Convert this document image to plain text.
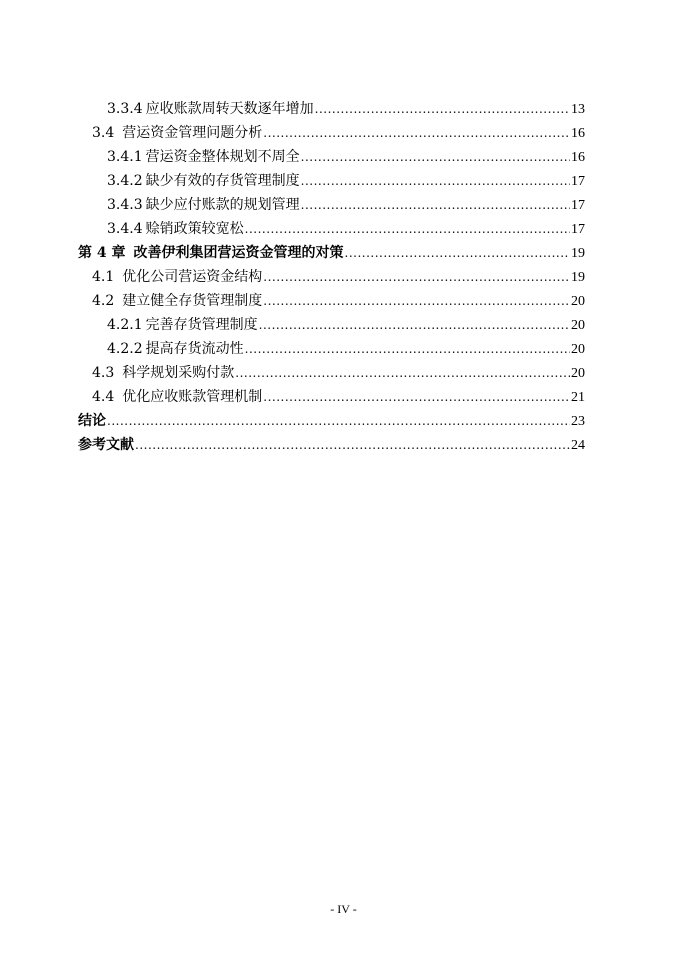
3.3.4 应收账款周转天数逐年增加 .....	13
3.4 营运资金管理问题分析 .....	16
3.4.1 营运资金整体规划不周全 .....	16
3.4.2 缺少有效的存货管理制度 .....	17
3.4.3 缺少应付账款的规划管理 .....	17
3.4.4 赊销政策较宽松 .....	17
第 4 章 改善伊利集团营运资金管理的对策 .....	19
4.1 优化公司营运资金结构 .....	19
4.2 建立健全存货管理制度 .....	20
4.2.1 完善存货管理制度 .....	20
4.2.2 提高存货流动性 .....	20
4.3 科学规划采购付款 .....	20
4.4 优化应收账款管理机制 .....	21
结论 .....	23
参考文献 .....	24
- IV -
